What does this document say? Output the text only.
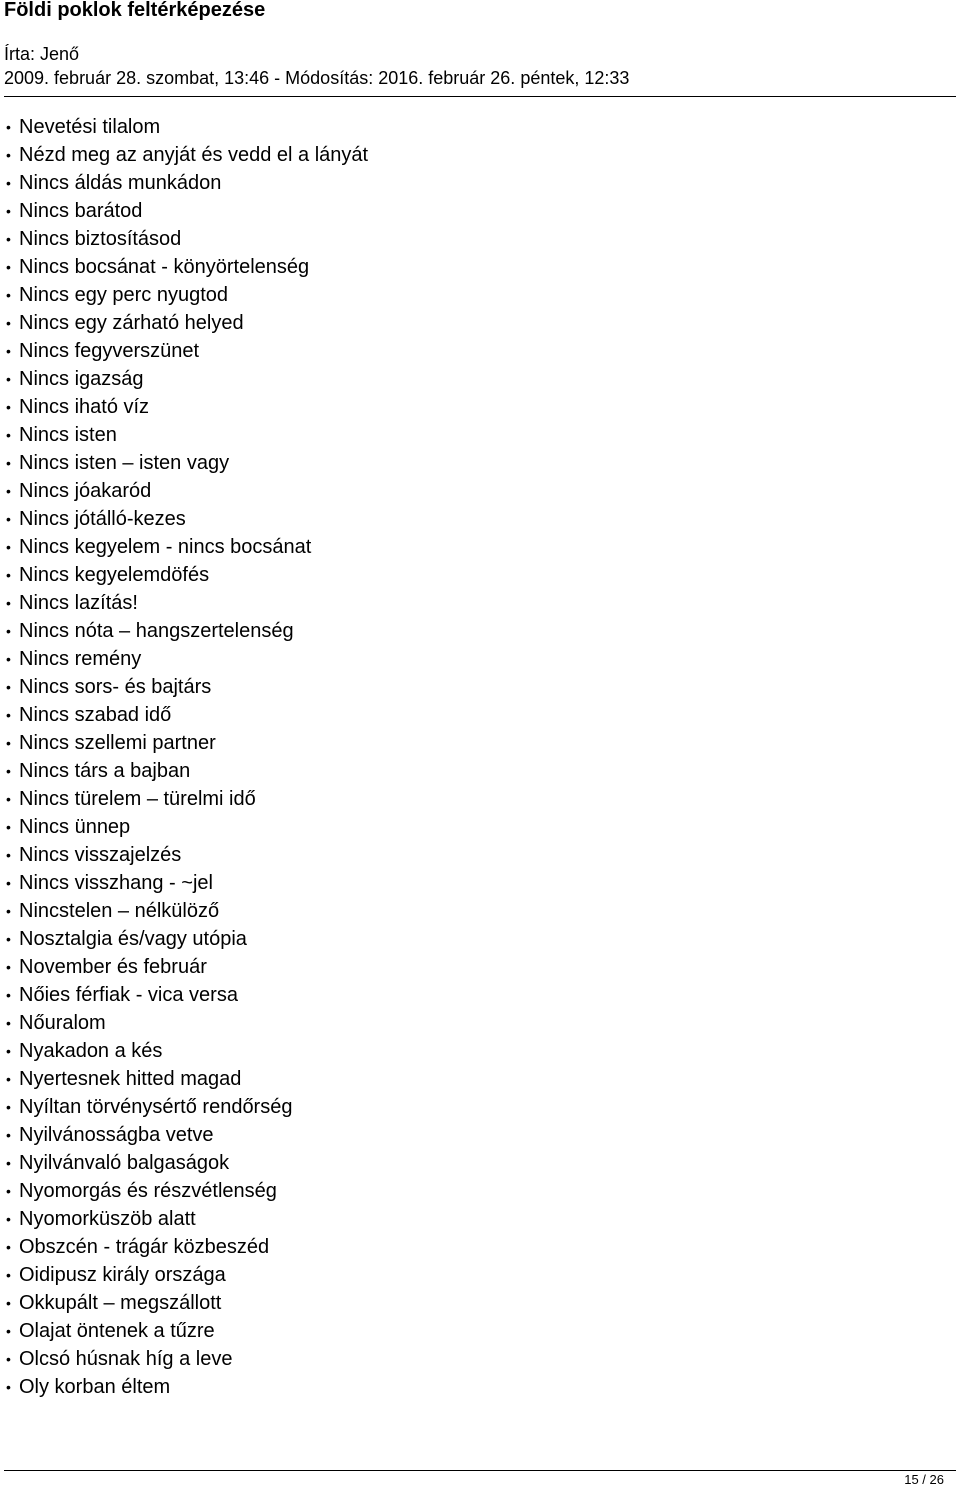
Földi poklok feltérképezése
Írta: Jenő
2009. február 28. szombat, 13:46 - Módosítás: 2016. február 26. péntek, 12:33
• Nevetési tilalom
• Nézd meg az anyját és vedd el a lányát
• Nincs áldás munkádon
• Nincs barátod
• Nincs biztosításod
• Nincs bocsánat - könyörtelenség
• Nincs egy perc nyugtod
• Nincs egy zárható helyed
• Nincs fegyverszünet
• Nincs igazság
• Nincs iható víz
• Nincs isten
• Nincs isten – isten vagy
• Nincs jóakaród
• Nincs jótálló-kezes
• Nincs kegyelem - nincs bocsánat
• Nincs kegyelemdöfés
• Nincs lazítás!
• Nincs nóta – hangszertelenség
• Nincs remény
• Nincs sors- és bajtárs
• Nincs szabad idő
• Nincs szellemi partner
• Nincs társ a bajban
• Nincs türelem – türelmi idő
• Nincs ünnep
• Nincs visszajelzés
• Nincs visszhang - ~jel
• Nincstelen – nélkülöző
• Nosztalgia és/vagy utópia
• November és február
• Nőies férfiak - vica versa
• Nőuralom
• Nyakadon a kés
• Nyertesnek hitted magad
• Nyíltan törvénysértő rendőrség
• Nyilvánosságba vetve
• Nyilvánvaló balgaságok
• Nyomorgás és részvétlenség
• Nyomorküszöb alatt
• Obszcén - trágár közbeszéd
• Oidipusz király országa
• Okkupált – megszállott
• Olajat öntenek a tűzre
• Olcsó húsnak híg a leve
• Oly korban éltem
15 / 26
